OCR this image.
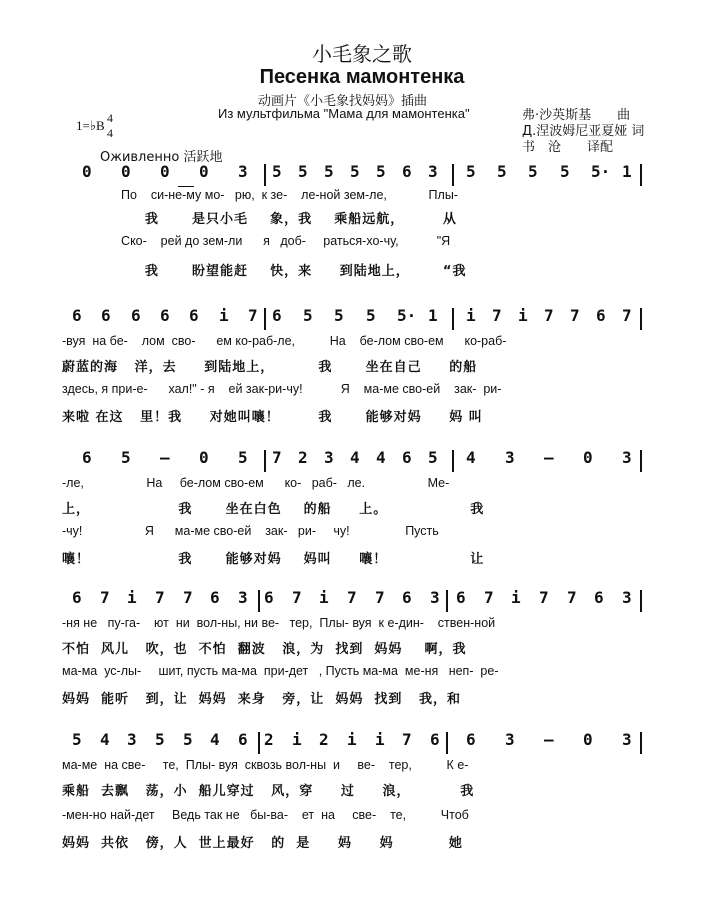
小毛象之歌
Песенка мамонтенка
动画片《小毛象找妈妈》插曲
Из мультфильма "Мама для мамонтенка"	弗·沙英斯基　　曲
Д.涅波姆尼亚夏娅 词
书　沧　　译配
1=♭B 4
4
Оживленно 活跃地
0 0 0 0 3 5 5 5 5 5 6 3 5 5 5 5 5· 1
По    си-не-му мо-   рю,  к зе-    ле-ной зем-ле,            Плы-
我      是只小毛    象，我    乘船远航，       从
Ско-    рей до зем-ли      я   доб-     раться-хо-чу,           "Я
我      盼望能赶    快，来     到陆地上，      “我
6 6 6 6 6 i 7 6 5 5 5 5· 1 i 7 i 7 7 6 7
-вуя  на бе-    лом  сво-      ем ко-раб-ле,          На    бе-лом сво-ем      ко-раб-
蔚蓝的海   洋，去     到陆地上，        我      坐在自己     的船
здесь, я при-е-      хал!" - я    ей зак-ри-чу!           Я    ма-ме сво-ей    зак-  ри-
来啦 在这   里！我     对她叫嚷！       我      能够对妈     妈 叫
6 5 – 0 5 7 2 3 4 4 6 5 4 3 – 0 3
-ле,                  На     бе-лом сво-ем      ко-   раб-   ле.                  Ме-
上，                我      坐在白色    的船     上。               我
-чу!                  Я      ма-ме сво-ей    зак-   ри-     чу!                Пусть
嚷！                我      能够对妈    妈叫     嚷！               让
6 7 i 7 7 6 3 6 7 i 7 7 6 3 6 7 i 7 7 6 3
-ня не   пу-га-    ют  ни  вол-ны, ни ве-   тер,  Плы- вуя  к е-дин-    ствен-ной
不怕  风儿   吹，也  不怕  翻波   浪，为  找到  妈妈    啊，我
ма-ма  ус-лы-     шит, пусть ма-ма  при-дет   , Пусть ма-ма  ме-ня   неп-  ре-
妈妈  能听   到，让  妈妈  来身   旁，让  妈妈  找到   我，和
5 4 3 5 5 4 6 2 i 2 i i 7 6 6 3 – 0 3
ма-ме  на све-     те,  Плы- вуя  сквозь вол-ны  и     ве-    тер,          К е-
乘船  去飘   荡，小  船儿穿过   风，穿     过     浪，         我
-мен-но най-дет     Ведь так не   бы-ва-    ет  на     све-    те,          Чтоб
妈妈  共依   傍，人  世上最好   的  是     妈     妈          她
